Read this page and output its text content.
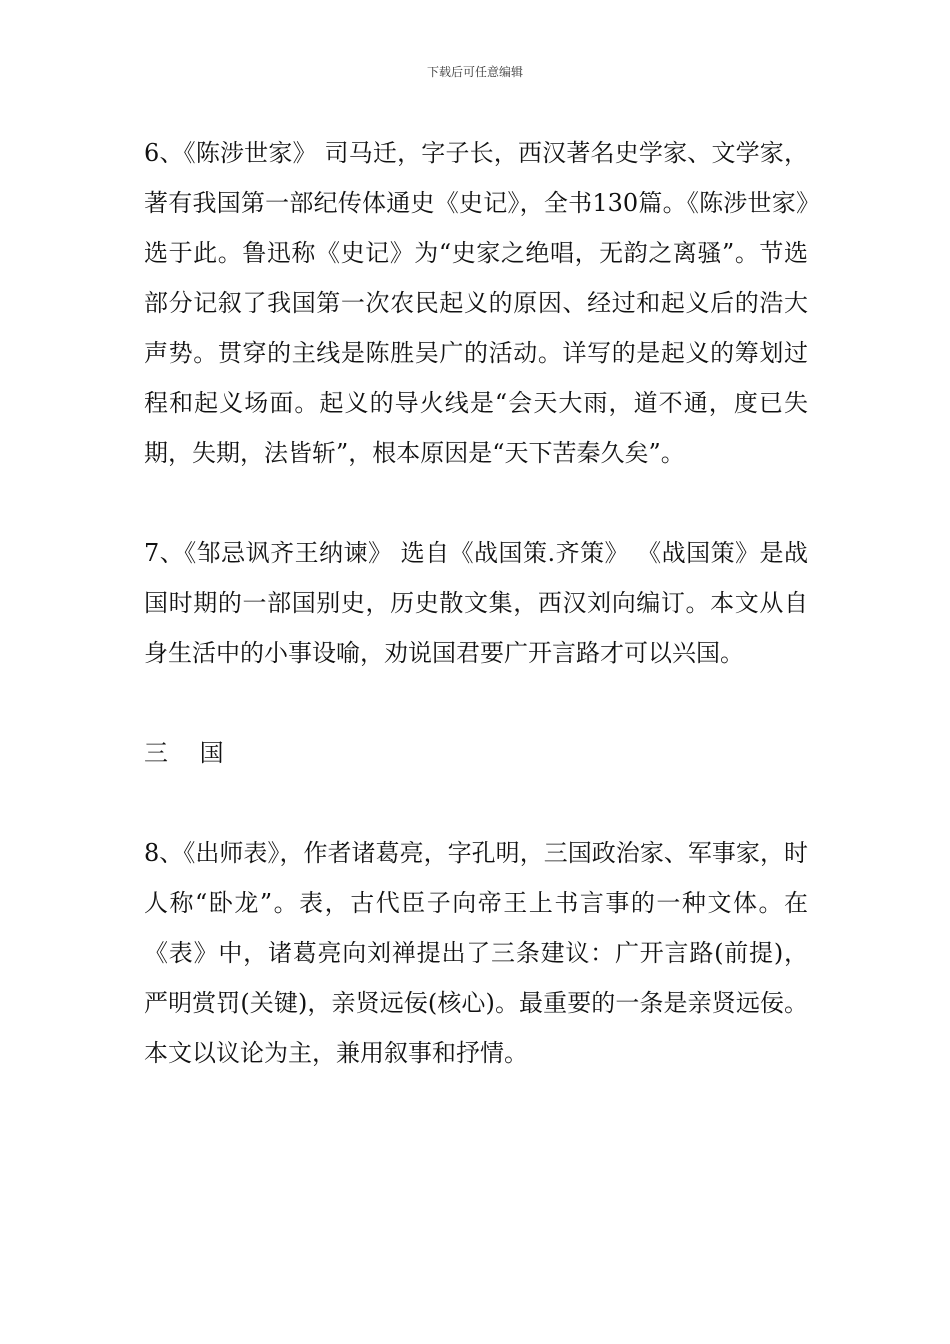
下载后可任意编辑

6、《陈涉世家》 司马迁，字子长，西汉著名史学家、文学家，著有我国第一部纪传体通史《史记》，全书130篇。《陈涉世家》选于此。鲁迅称《史记》为“史家之绝唱，无韵之离骚”。节选部分记叙了我国第一次农民起义的原因、经过和起义后的浩大声势。贯穿的主线是陈胜吴广的活动。详写的是起义的筹划过程和起义场面。起义的导火线是“会天大雨，道不通，度已失期，失期，法皆斩”，根本原因是“天下苦秦久矣”。

7、《邹忌讽齐王纳谏》 选自《战国策.齐策》 《战国策》是战国时期的一部国别史，历史散文集，西汉刘向编订。本文从自身生活中的小事设喻，劝说国君要广开言路才可以兴国。

三 国

8、《出师表》，作者诸葛亮，字孔明，三国政治家、军事家，时人称“卧龙”。表，古代臣子向帝王上书言事的一种文体。在《表》中，诸葛亮向刘禅提出了三条建议：广开言路(前提)，严明赏罚(关键)，亲贤远佞(核心)。最重要的一条是亲贤远佞。本文以议论为主，兼用叙事和抒情。
